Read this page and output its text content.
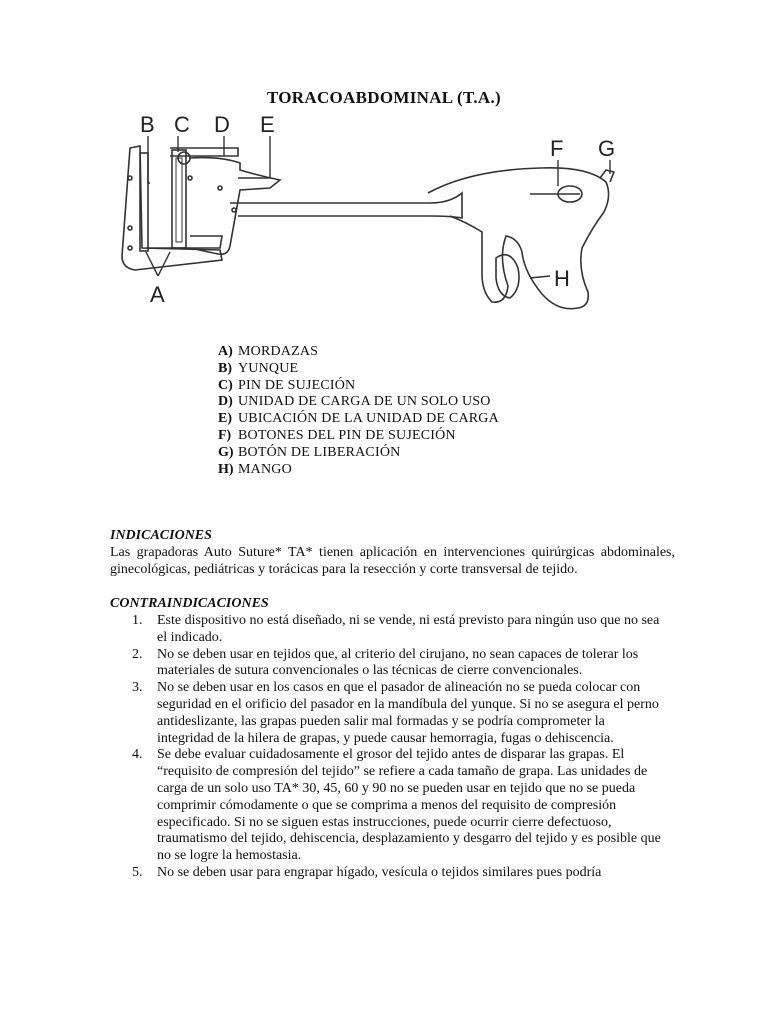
TORACOABDOMINAL (T.A.)
B C D E
F G
H
A
A) MORDAZAS
B) YUNQUE
C) PIN DE SUJECIÓN
D) UNIDAD DE CARGA DE UN SOLO USO
E) UBICACIÓN DE LA UNIDAD DE CARGA
F) BOTONES DEL PIN DE SUJECIÓN
G) BOTÓN DE LIBERACIÓN
H) MANGO
INDICACIONES
Las grapadoras Auto Suture* TA* tienen aplicación en intervenciones quirúrgicas abdominales, ginecológicas, pediátricas y torácicas para la resección y corte transversal de tejido.
CONTRAINDICACIONES
1. Este dispositivo no está diseñado, ni se vende, ni está previsto para ningún uso que no sea el indicado.
2. No se deben usar en tejidos que, al criterio del cirujano, no sean capaces de tolerar los materiales de sutura convencionales o las técnicas de cierre convencionales.
3. No se deben usar en los casos en que el pasador de alineación no se pueda colocar con seguridad en el orificio del pasador en la mandíbula del yunque. Si no se asegura el perno antideslizante, las grapas pueden salir mal formadas y se podría comprometer la integridad de la hilera de grapas, y puede causar hemorragia, fugas o dehiscencia.
4. Se debe evaluar cuidadosamente el grosor del tejido antes de disparar las grapas. El “requisito de compresión del tejido” se refiere a cada tamaño de grapa. Las unidades de carga de un solo uso TA* 30, 45, 60 y 90 no se pueden usar en tejido que no se pueda comprimir cómodamente o que se comprima a menos del requisito de compresión especificado. Si no se siguen estas instrucciones, puede ocurrir cierre defectuoso, traumatismo del tejido, dehiscencia, desplazamiento y desgarro del tejido y es posible que no se logre la hemostasia.
5. No se deben usar para engrapar hígado, vesícula o tejidos similares pues podría
